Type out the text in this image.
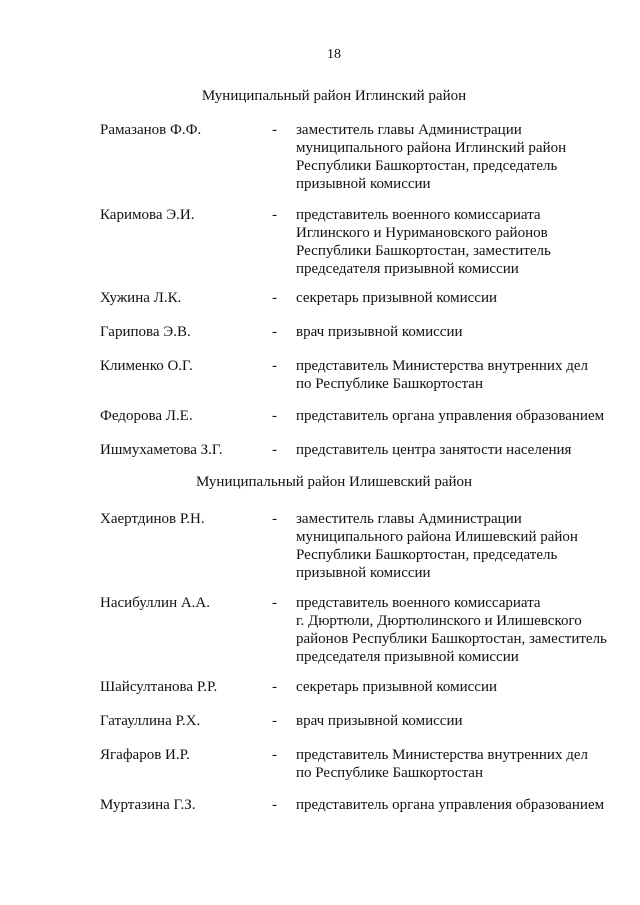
18
Муниципальный район Иглинский район
Рамазанов Ф.Ф.	- заместитель главы Администрации
муниципального района Иглинский район
Республики Башкортостан, председатель
призывной комиссии
Каримова Э.И.	- представитель военного комиссариата
Иглинского и Нуримановского районов
Республики Башкортостан, заместитель
председателя призывной комиссии
Хужина Л.К.	- секретарь призывной комиссии
Гарипова Э.В.	- врач призывной комиссии
Клименко О.Г.	- представитель Министерства внутренних дел
по Республике Башкортостан
Федорова Л.Е.	- представитель органа управления образованием
Ишмухаметова З.Г.	- представитель центра занятости населения
Муниципальный район Илишевский район
Хаертдинов Р.Н.	- заместитель главы Администрации
муниципального района Илишевский район
Республики Башкортостан, председатель
призывной комиссии
Насибуллин А.А.	- представитель военного комиссариата
г. Дюртюли, Дюртюлинского и Илишевского
районов Республики Башкортостан, заместитель
председателя призывной комиссии
Шайсултанова Р.Р.	- секретарь призывной комиссии
Гатауллина Р.Х.	- врач призывной комиссии
Ягафаров И.Р.	- представитель Министерства внутренних дел
по Республике Башкортостан
Муртазина Г.З.	- представитель органа управления образованием
